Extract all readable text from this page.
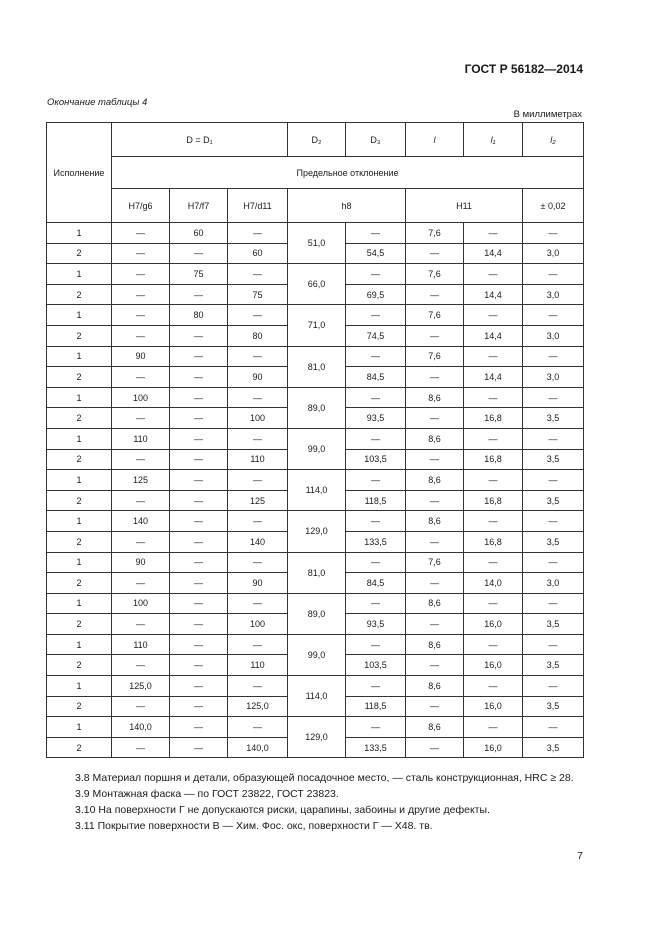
ГОСТ Р 56182—2014
Окончание таблицы 4
В миллиметрах
Исполнение	D = D₁			D₂	D₃	l	l₁	l₂
	Предельное отклонение							
	H7/g6	H7/f7	H7/d11	h8		H11		± 0,02
1	—	60	—	51,0	—	7,6	—	—
2	—	—	60		54,5	—	14,4	3,0
1	—	75	—	66,0	—	7,6	—	—
2	—	—	75		69,5	—	14,4	3,0
1	—	80	—	71,0	—	7,6	—	—
2	—	—	80		74,5	—	14,4	3,0
1	90	—	—	81,0	—	7,6	—	—
2	—	—	90		84,5	—	14,4	3,0
1	100	—	—	89,0	—	8,6	—	—
2	—	—	100		93,5	—	16,8	3,5
1	110	—	—	99,0	—	8,6	—	—
2	—	—	110		103,5	—	16,8	3,5
1	125	—	—	114,0	—	8,6	—	—
2	—	—	125		118,5	—	16,8	3,5
1	140	—	—	129,0	—	8,6	—	—
2	—	—	140		133,5	—	16,8	3,5
1	90	—	—	81,0	—	7,6	—	—
2	—	—	90		84,5	—	14,0	3,0
1	100	—	—	89,0	—	8,6	—	—
2	—	—	100		93,5	—	16,0	3,5
1	110	—	—	99,0	—	8,6	—	—
2	—	—	110		103,5	—	16,0	3,5
1	125,0	—	—	114,0	—	8,6	—	—
2	—	—	125,0		118,5	—	16,0	3,5
1	140,0	—	—	129,0	—	8,6	—	—
2	—	—	140,0		133,5	—	16,0	3,5

3.8 Материал поршня и детали, образующей посадочное место, — сталь конструкционная, HRC ≥ 28.

3.9 Монтажная фаска — по ГОСТ 23822, ГОСТ 23823.

3.10 На поверхности Г не допускаются риски, царапины, забоины и другие дефекты.

3.11 Покрытие поверхности В — Хим. Фос. окс, поверхности Г — Х48. тв.

7
